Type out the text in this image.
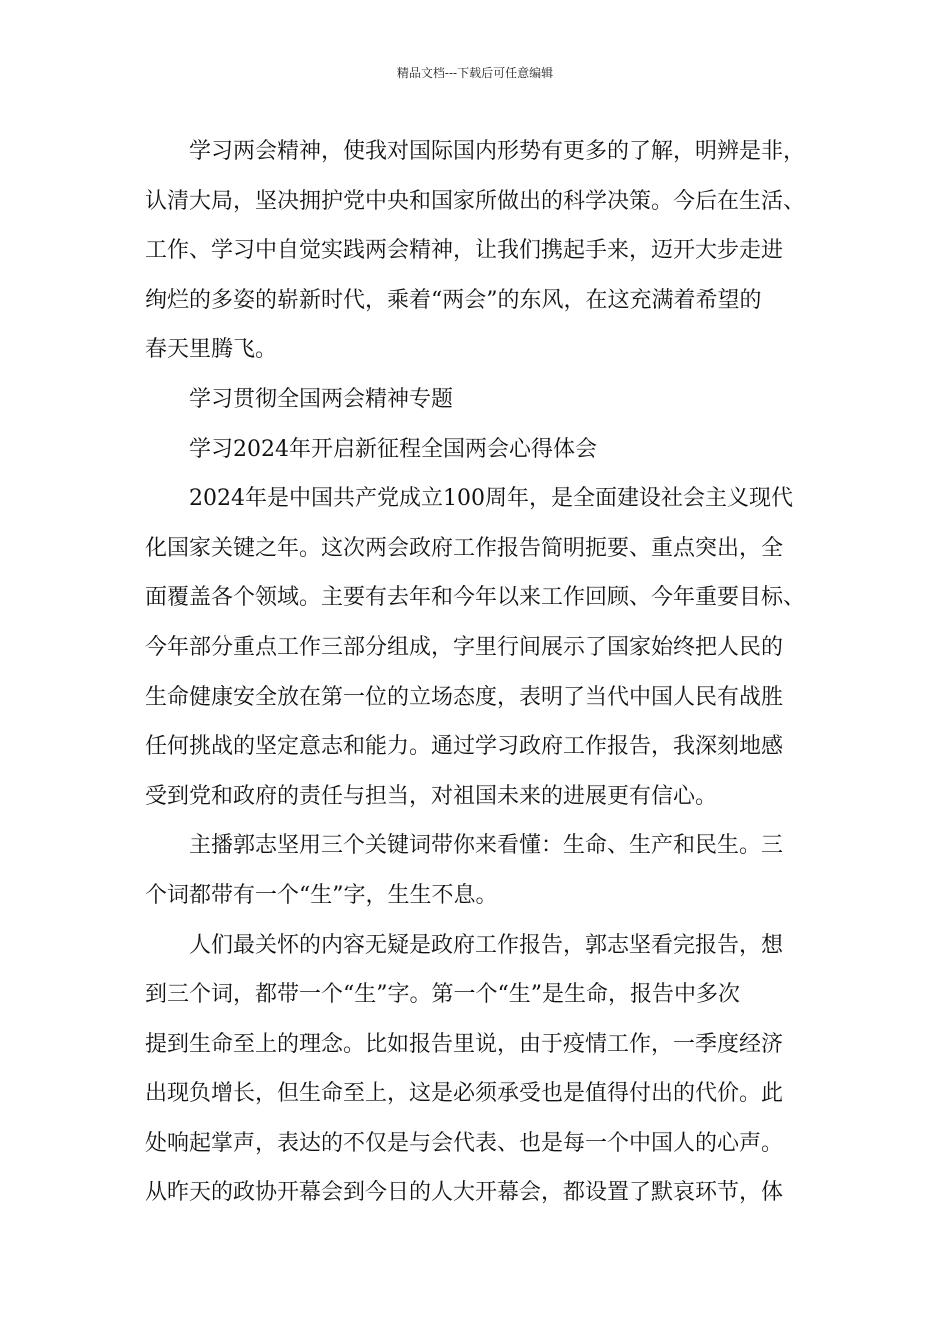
精品文档---下载后可任意编辑
学习两会精神，使我对国际国内形势有更多的了解，明辨是非，
认清大局，坚决拥护党中央和国家所做出的科学决策。今后在生活、
工作、学习中自觉实践两会精神，让我们携起手来，迈开大步走进
绚烂的多姿的崭新时代，乘着“两会”的东风，在这充满着希望的
春天里腾飞。
学习贯彻全国两会精神专题
学习2024年开启新征程全国两会心得体会
2024年是中国共产党成立100周年，是全面建设社会主义现代
化国家关键之年。这次两会政府工作报告简明扼要、重点突出，全
面覆盖各个领域。主要有去年和今年以来工作回顾、今年重要目标、
今年部分重点工作三部分组成，字里行间展示了国家始终把人民的
生命健康安全放在第一位的立场态度，表明了当代中国人民有战胜
任何挑战的坚定意志和能力。通过学习政府工作报告，我深刻地感
受到党和政府的责任与担当，对祖国未来的进展更有信心。
主播郭志坚用三个关键词带你来看懂：生命、生产和民生。三
个词都带有一个“生”字，生生不息。
人们最关怀的内容无疑是政府工作报告，郭志坚看完报告，想
到三个词，都带一个“生”字。第一个“生”是生命，报告中多次
提到生命至上的理念。比如报告里说，由于疫情工作，一季度经济
出现负增长，但生命至上，这是必须承受也是值得付出的代价。此
处响起掌声，表达的不仅是与会代表、也是每一个中国人的心声。
从昨天的政协开幕会到今日的人大开幕会，都设置了默哀环节，体
